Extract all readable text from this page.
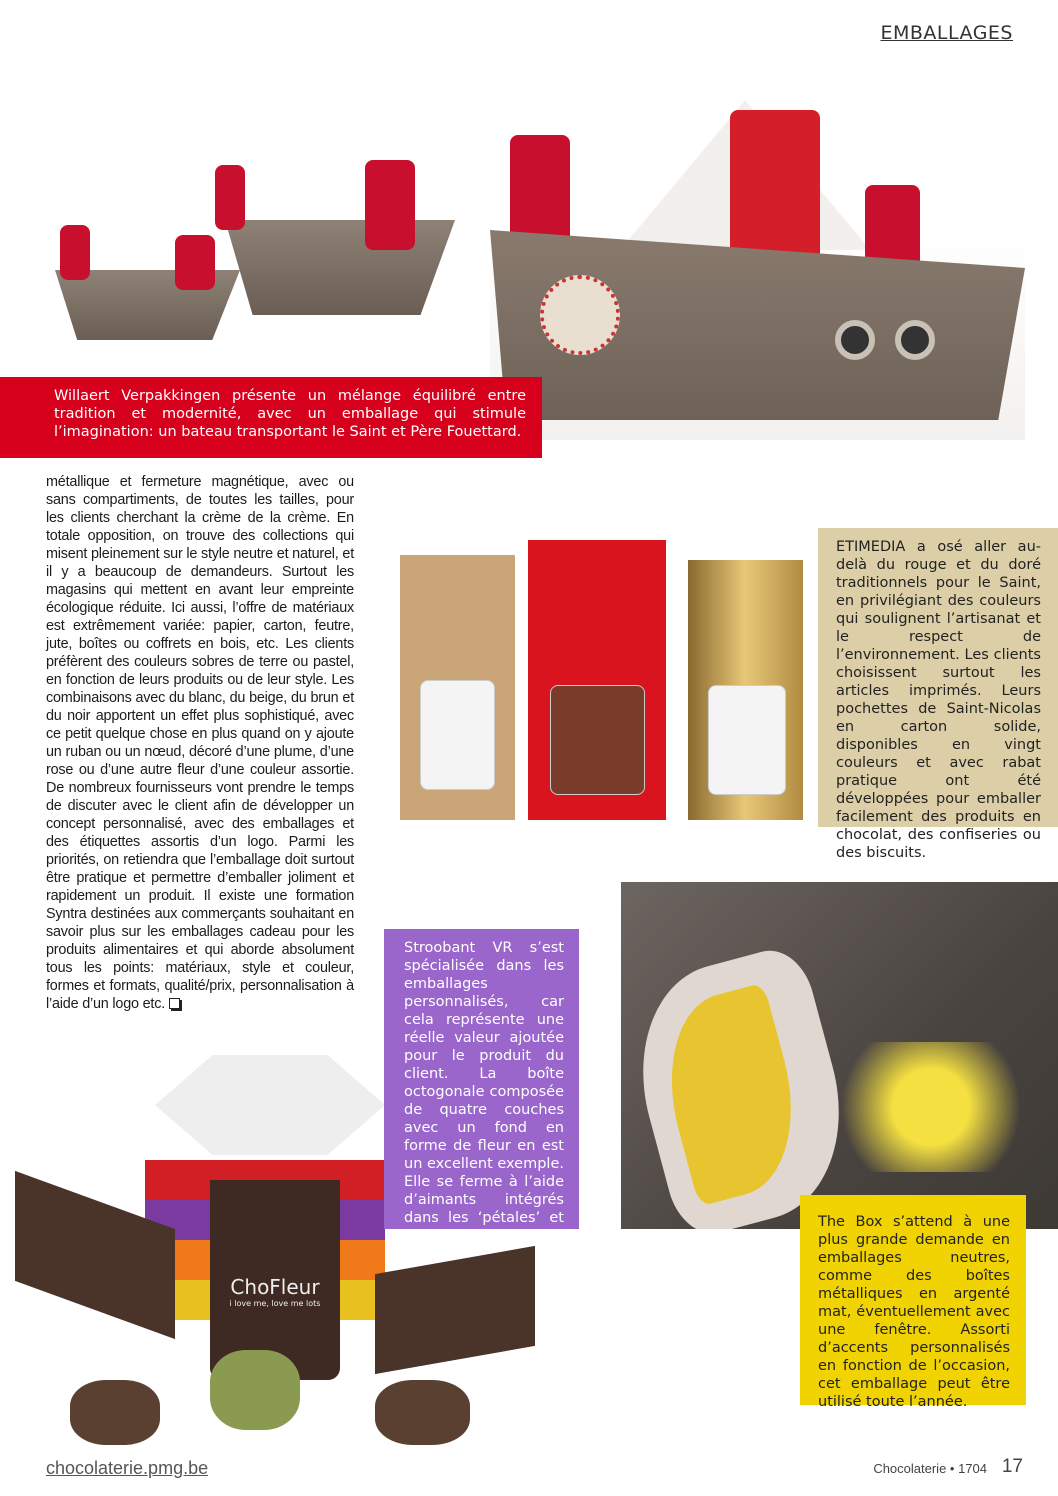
EMBALLAGES
Willaert Verpakkingen présente un mélange équilibré entre tradition et modernité, avec un emballage qui stimule l’imagination: un bateau transportant le Saint et Père Fouettard.
métallique et fermeture magnétique, avec ou sans compartiments, de toutes les tailles, pour les clients cherchant la crème de la crème. En totale opposition, on trouve des collections qui misent pleinement sur le style neutre et naturel, et il y a beaucoup de demandeurs. Surtout les magasins qui mettent en avant leur empreinte écologique réduite. Ici aussi, l’offre de matériaux est extrêmement variée: papier, carton, feutre, jute, boîtes ou coffrets en bois, etc. Les clients préfèrent des couleurs sobres de terre ou pastel, en fonction de leurs produits ou de leur style. Les combinaisons avec du blanc, du beige, du brun et du noir apportent un effet plus sophistiqué, avec ce petit quelque chose en plus quand on y ajoute un ruban ou un nœud, décoré d’une plume, d’une rose ou d’une autre fleur d’une couleur assortie. De nombreux fournisseurs vont prendre le temps de discuter avec le client afin de développer un concept personnalisé, avec des emballages et des étiquettes assortis d’un logo. Parmi les priorités, on retiendra que l’emballage doit surtout être pratique et permettre d’emballer joliment et rapidement un produit. Il existe une formation Syntra destinées aux commerçants souhaitant en savoir plus sur les emballages cadeau pour les produits alimentaires et qui aborde absolument tous les points: matériaux, style et couleur, formes et formats, qualité/prix, personnalisation à l’aide d’un logo etc.
ETIMEDIA a osé aller au-delà du rouge et du doré traditionnels pour le Saint, en privilégiant des couleurs qui soulignent l’artisanat et le respect de l’environnement. Les clients choisissent surtout les articles imprimés. Leurs pochettes de Saint-Nicolas en carton solide, disponibles en vingt couleurs et avec rabat pratique ont été développées pour emballer facilement des produits en chocolat, des confiseries ou des biscuits.
Stroobant VR s’est spécialisée dans les emballages personnalisés, car cela représente une réelle valeur ajoutée pour le produit du client. La boîte octogonale composée de quatre couches avec un fond en forme de fleur en est un excellent exemple. Elle se ferme à l’aide d’aimants intégrés dans les ‘pétales’ et dans les bacs.
The Box s’attend à une plus grande demande en emballages neutres, comme des boîtes métalliques en argenté mat, éventuellement avec une fenêtre. Assorti d’accents personnalisés en fonction de l’occasion, cet emballage peut être utilisé toute l’année.
ChoFleur
i love me, love me lots
chocolaterie.pmg.be	Chocolaterie • 1704 17
